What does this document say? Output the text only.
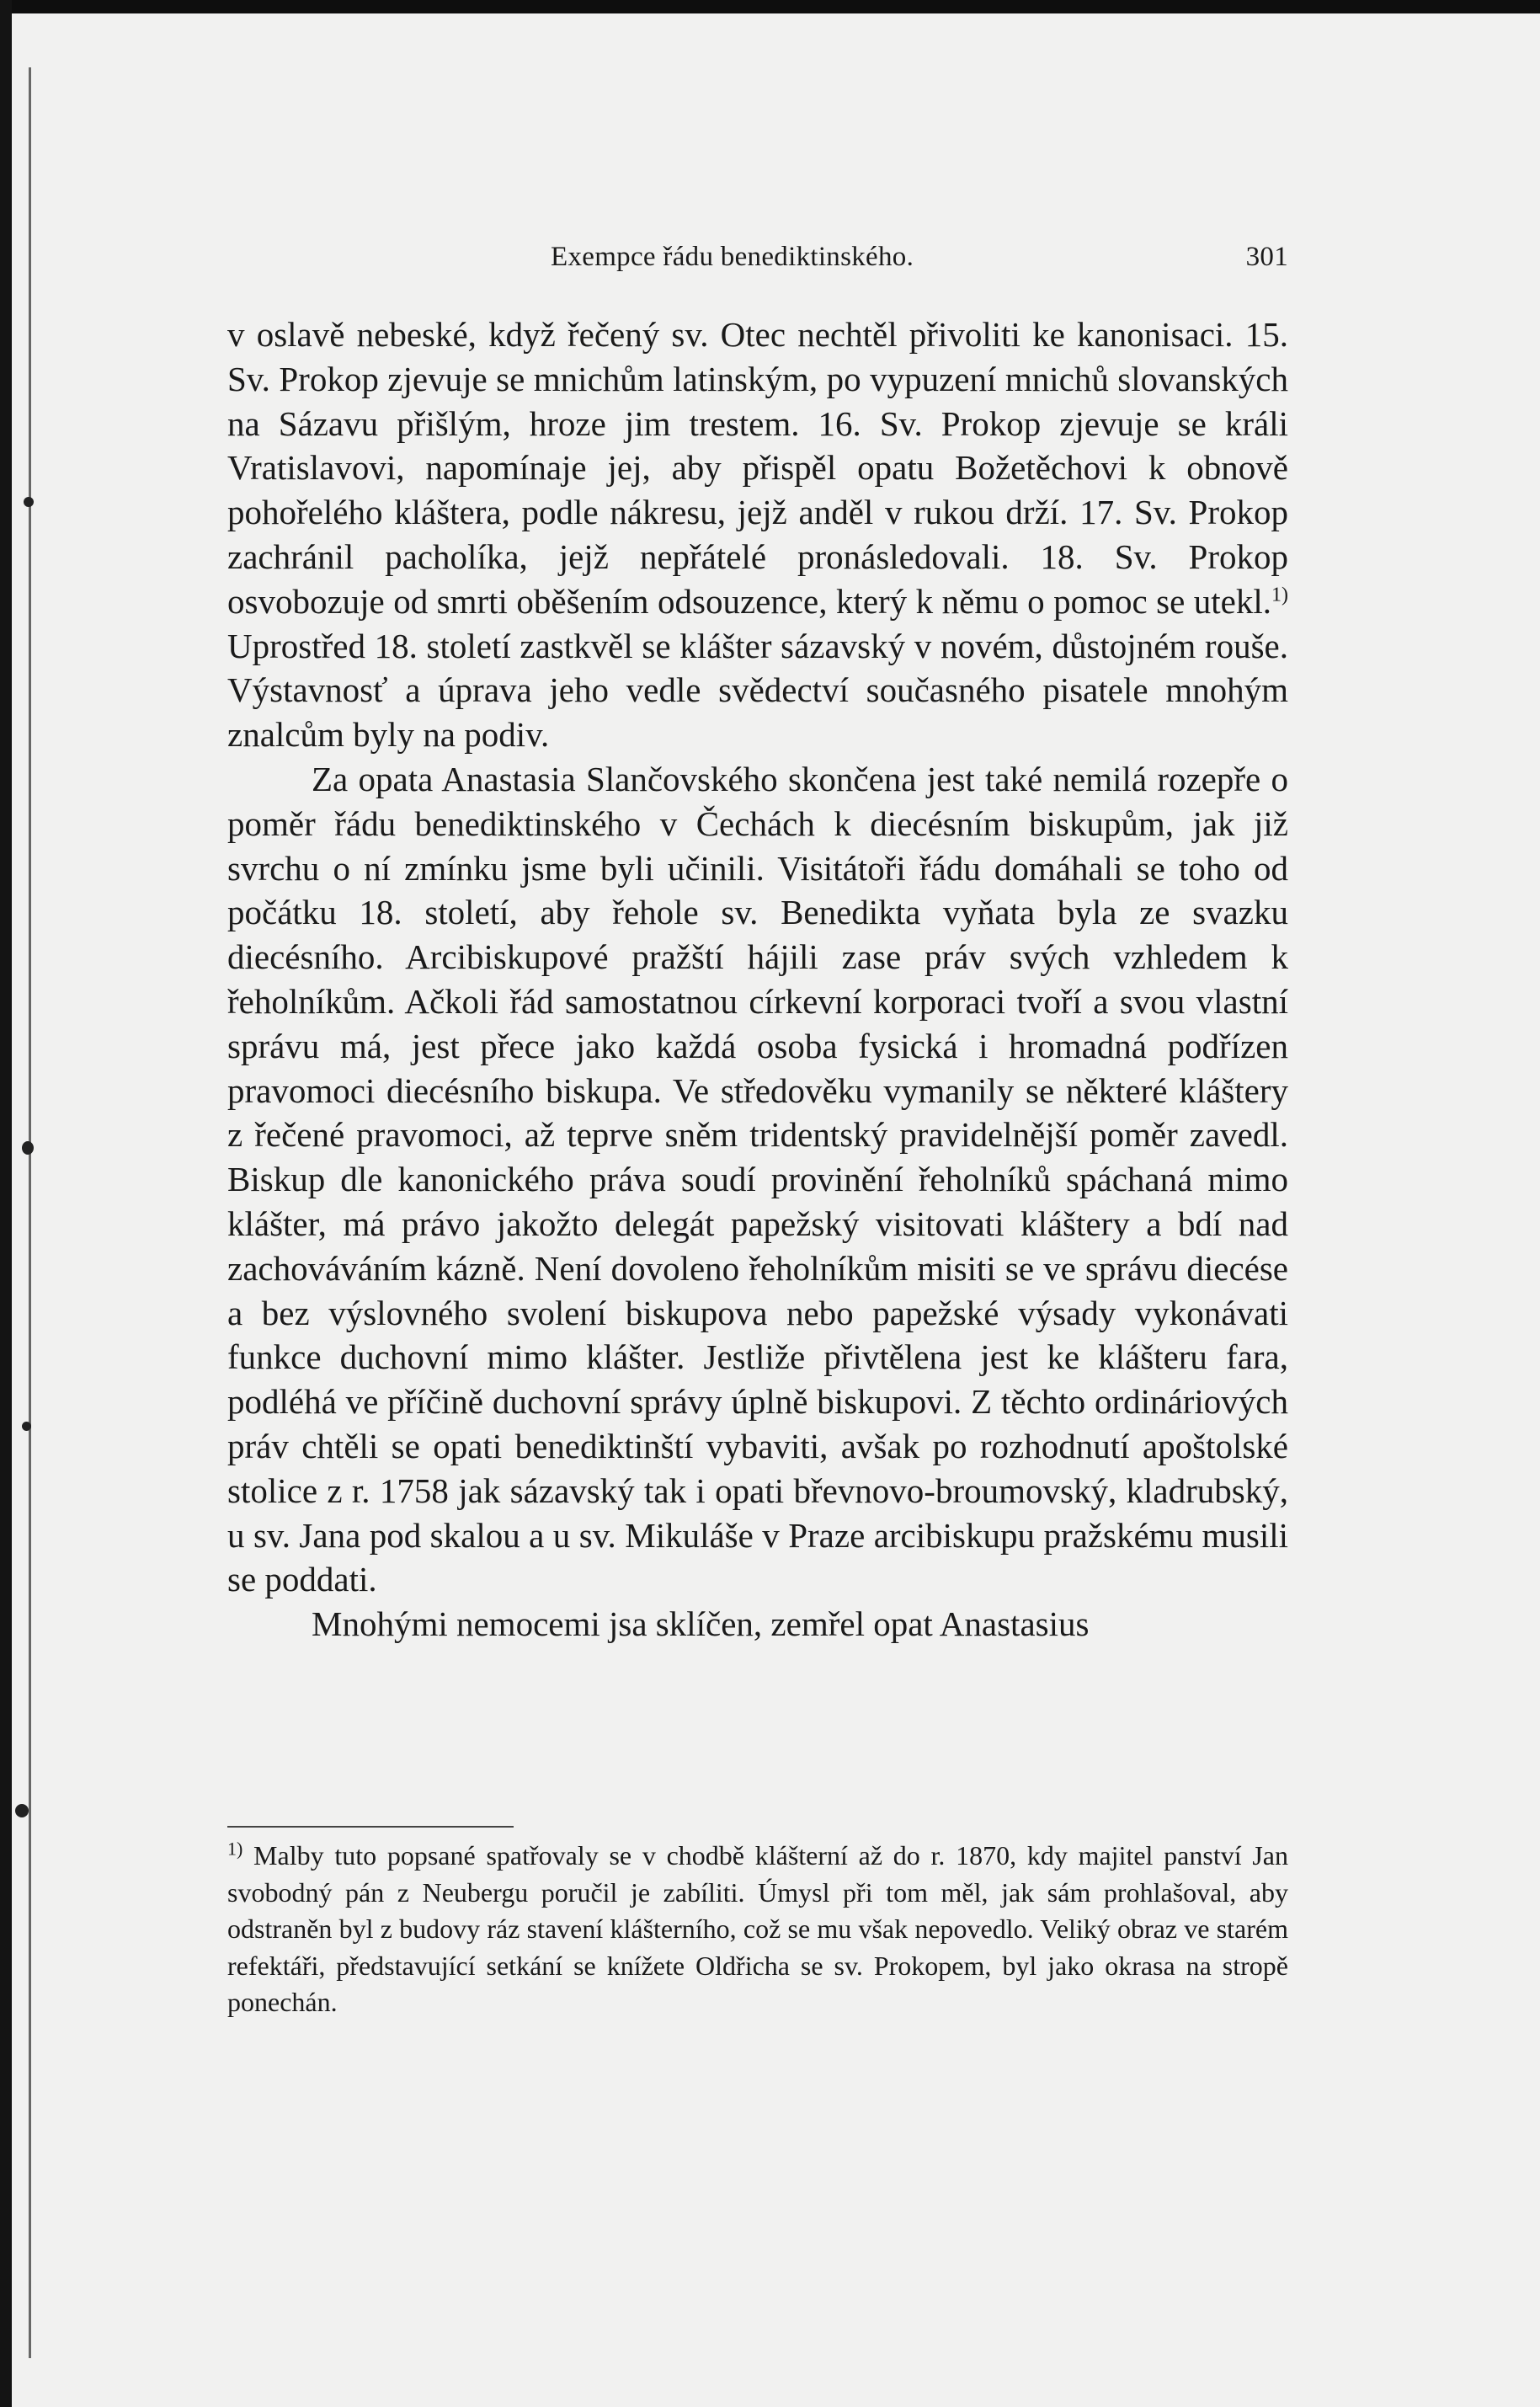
Exempce řádu benediktinského.	301

v oslavě nebeské, když řečený sv. Otec nechtěl přivoliti ke kanonisaci. 15. Sv. Prokop zjevuje se mnichům latinským, po vypuzení mnichů slovanských na Sázavu přišlým, hroze jim trestem. 16. Sv. Prokop zjevuje se králi Vratislavovi, napomínaje jej, aby přispěl opatu Božetěchovi k obnově pohořelého kláštera, podle nákresu, jejž anděl v rukou drží. 17. Sv. Prokop zachránil pacholíka, jejž nepřátelé pronásledovali. 18. Sv. Prokop osvobozuje od smrti oběšením odsouzence, který k němu o pomoc se utekl.$^{1)}$ Uprostřed 18. století zastkvěl se klášter sázavský v novém, důstojném rouše. Výstavnosť a úprava jeho vedle svědectví současného pisatele mnohým znalcům byly na podiv.

Za opata Anastasia Slančovského skončena jest také nemilá rozepře o poměr řádu benediktinského v Čechách k diecésním biskupům, jak již svrchu o ní zmínku jsme byli učinili. Visitátoři řádu domáhali se toho od počátku 18. století, aby řehole sv. Benedikta vyňata byla ze svazku diecésního. Arcibiskupové pražští hájili zase práv svých vzhledem k řeholníkům. Ačkoli řád samostatnou církevní korporaci tvoří a svou vlastní správu má, jest přece jako každá osoba fysická i hromadná podřízen pravomoci diecésního biskupa. Ve středověku vymanily se některé kláštery z řečené pravomoci, až teprve sněm tridentský pravidelnější poměr zavedl. Biskup dle kanonického práva soudí provinění řeholníků spáchaná mimo klášter, má právo jakožto delegát papežský visitovati kláštery a bdí nad zachováváním kázně. Není dovoleno řeholníkům misiti se ve správu diecése a bez výslovného svolení biskupova nebo papežské výsady vykonávati funkce duchovní mimo klášter. Jestliže přivtělena jest ke klášteru fara, podléhá ve příčině duchovní správy úplně biskupovi. Z těchto ordináriových práv chtěli se opati benediktinští vybaviti, avšak po rozhodnutí apoštolské stolice z r. 1758 jak sázavský tak i opati břevnovo-broumovský, kladrubský, u sv. Jana pod skalou a u sv. Mikuláše v Praze arcibiskupu pražskému musili se poddati.

Mnohými nemocemi jsa sklíčen, zemřel opat Anastasius

$^{1)}$ Malby tuto popsané spatřovaly se v chodbě klášterní až do r. 1870, kdy majitel panství Jan svobodný pán z Neubergu poručil je zabíliti. Úmysl při tom měl, jak sám prohlašoval, aby odstraněn byl z budovy ráz stavení klášterního, což se mu však nepovedlo. Veliký obraz ve starém refektáři, představující setkání se knížete Oldřicha se sv. Prokopem, byl jako okrasa na stropě ponechán.
